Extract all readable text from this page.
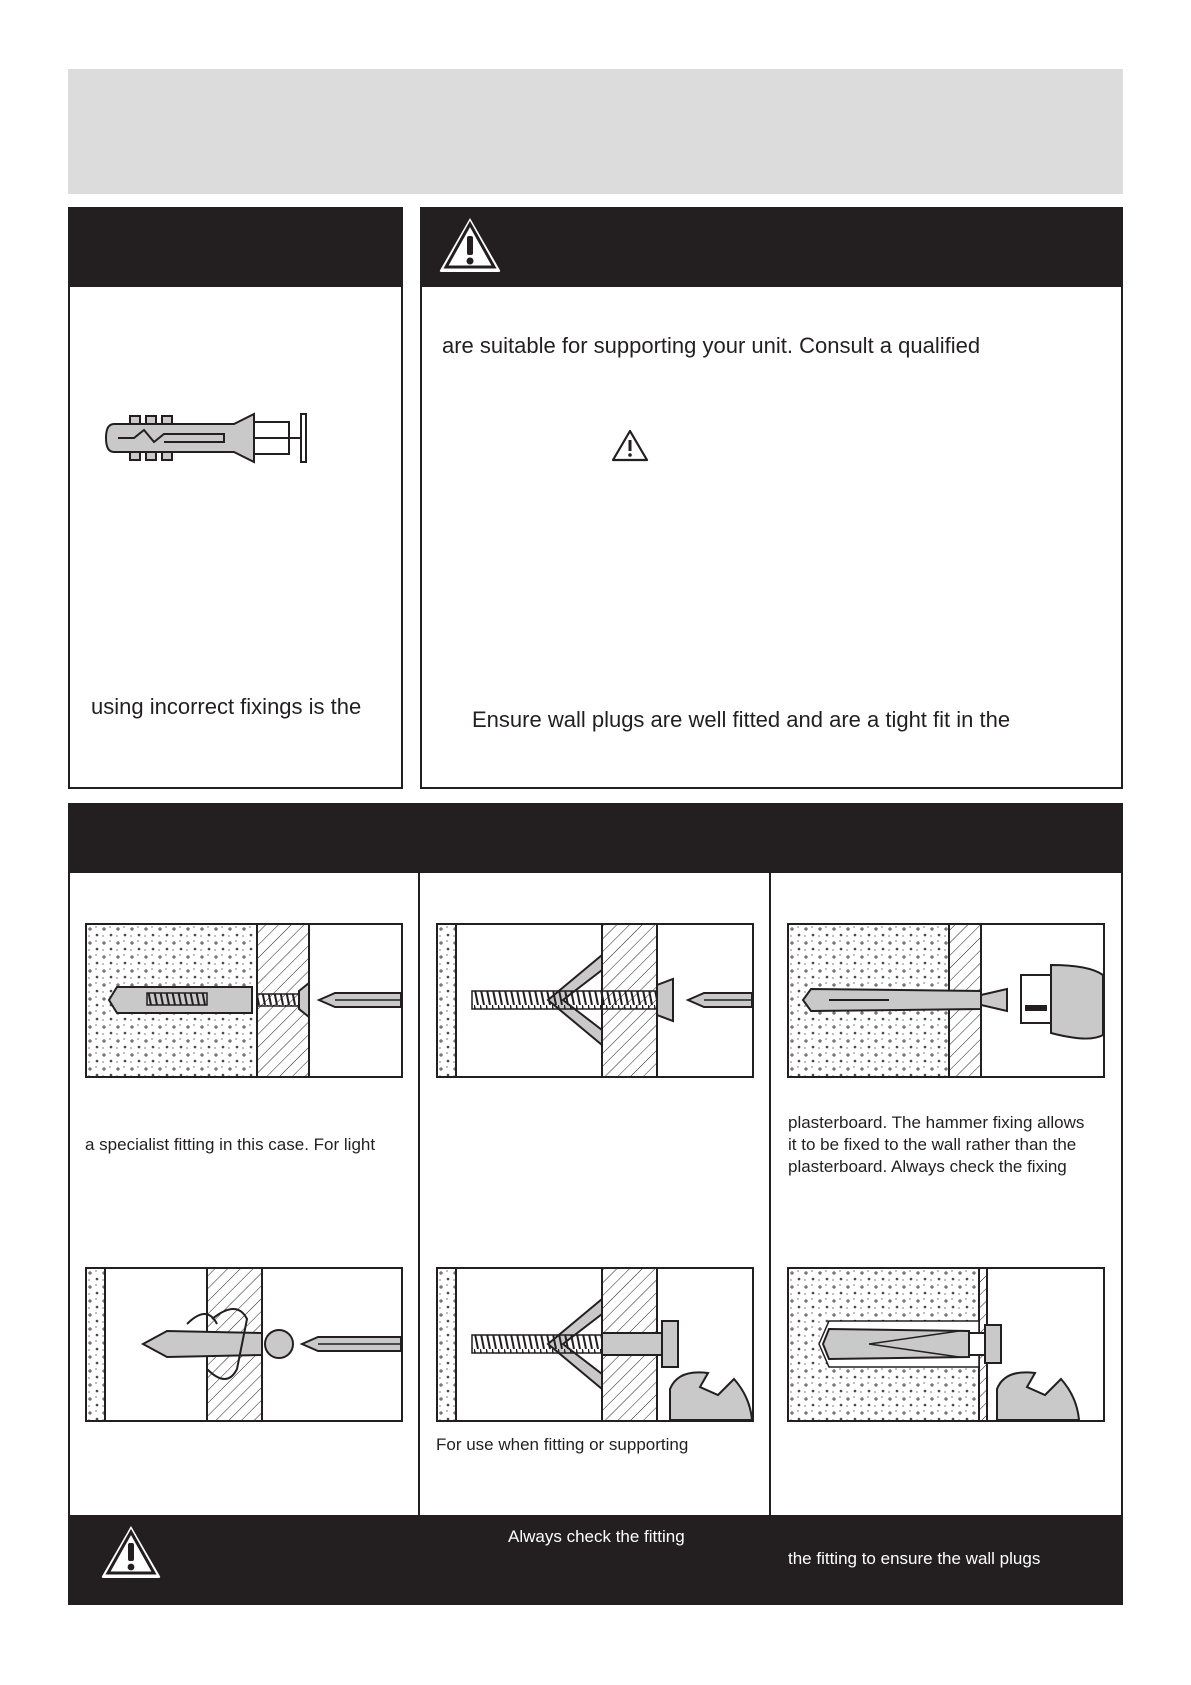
using incorrect fixings is the
are suitable for supporting your unit. Consult a qualified
Ensure wall plugs are well fitted and are a tight fit in the
a specialist fitting in this case. For light
plasterboard. The hammer fixing allows
it to be fixed to the wall rather than the
plasterboard. Always check the fixing
For use when fitting or supporting
Always check the fitting
the fitting to ensure the wall plugs
